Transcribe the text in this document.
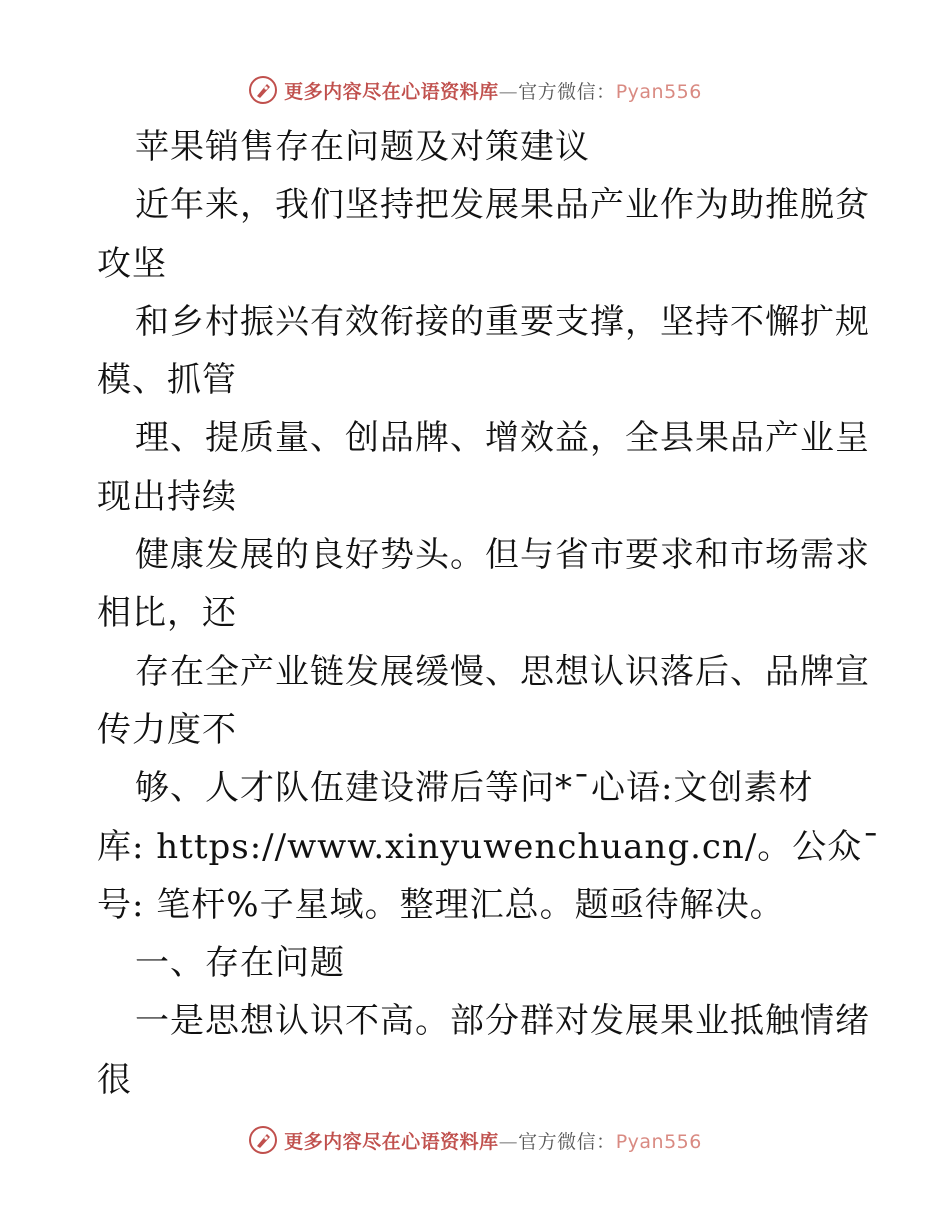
更多内容尽在心语资料库—官方微信：Pyan556
苹果销售存在问题及对策建议
近年来，我们坚持把发展果品产业作为助推脱贫
攻坚
和乡村振兴有效衔接的重要支撑，坚持不懈扩规
模、抓管
理、提质量、创品牌、增效益，全县果品产业呈
现出持续
健康发展的良好势头。但与省市要求和市场需求
相比，还
存在全产业链发展缓慢、思想认识落后、品牌宣
传力度不
够、人才队伍建设滞后等问*¯心语:文创素材
库: https://www.xinyuwenchuang.cn/。公众¯
号: 笔杆%子星域。整理汇总。题亟待解决。
一、存在问题
一是思想认识不高。部分群对发展果业抵触情绪
很
更多内容尽在心语资料库—官方微信：Pyan556
